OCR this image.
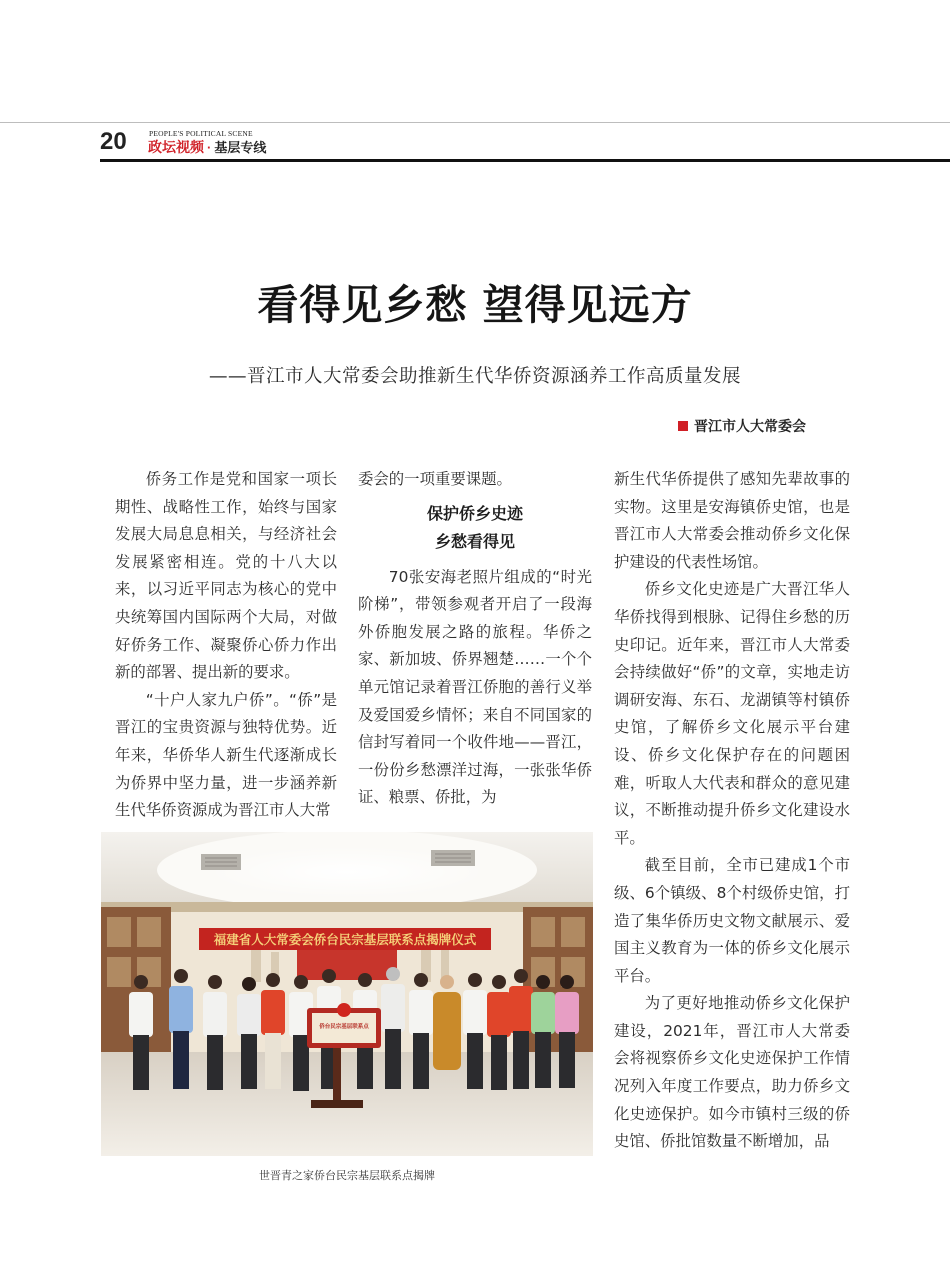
20	PEOPLE'S POLITICAL SCENE
政坛视频 · 基层专线
看得见乡愁 望得见远方
——晋江市人大常委会助推新生代华侨资源涵养工作高质量发展
晋江市人大常委会

侨务工作是党和国家一项长期性、战略性工作，始终与国家发展大局息息相关，与经济社会发展紧密相连。党的十八大以来，以习近平同志为核心的党中央统筹国内国际两个大局，对做好侨务工作、凝聚侨心侨力作出新的部署、提出新的要求。

“十户人家九户侨”。“侨”是晋江的宝贵资源与独特优势。近年来，华侨华人新生代逐渐成长为侨界中坚力量，进一步涵养新生代华侨资源成为晋江市人大常

委会的一项重要课题。

保护侨乡史迹
乡愁看得见

70张安海老照片组成的“时光阶梯”，带领参观者开启了一段海外侨胞发展之路的旅程。华侨之家、新加坡、侨界翘楚……一个个单元馆记录着晋江侨胞的善行义举及爱国爱乡情怀；来自不同国家的信封写着同一个收件地——晋江，一份份乡愁漂洋过海，一张张华侨证、粮票、侨批，为

新生代华侨提供了感知先辈故事的实物。这里是安海镇侨史馆，也是晋江市人大常委会推动侨乡文化保护建设的代表性场馆。

侨乡文化史迹是广大晋江华人华侨找得到根脉、记得住乡愁的历史印记。近年来，晋江市人大常委会持续做好“侨”的文章，实地走访调研安海、东石、龙湖镇等村镇侨史馆，了解侨乡文化展示平台建设、侨乡文化保护存在的问题困难，听取人大代表和群众的意见建议，不断推动提升侨乡文化建设水平。

截至目前，全市已建成1个市级、6个镇级、8个村级侨史馆，打造了集华侨历史文物文献展示、爱国主义教育为一体的侨乡文化展示平台。

为了更好地推动侨乡文化保护建设，2021年，晋江市人大常委会将视察侨乡文化史迹保护工作情况列入年度工作要点，助力侨乡文化史迹保护。如今市镇村三级的侨史馆、侨批馆数量不断增加，品

福建省人大常委会侨台民宗基层联系点揭牌仪式
侨台民宗基层联系点
世晋青之家侨台民宗基层联系点揭牌
